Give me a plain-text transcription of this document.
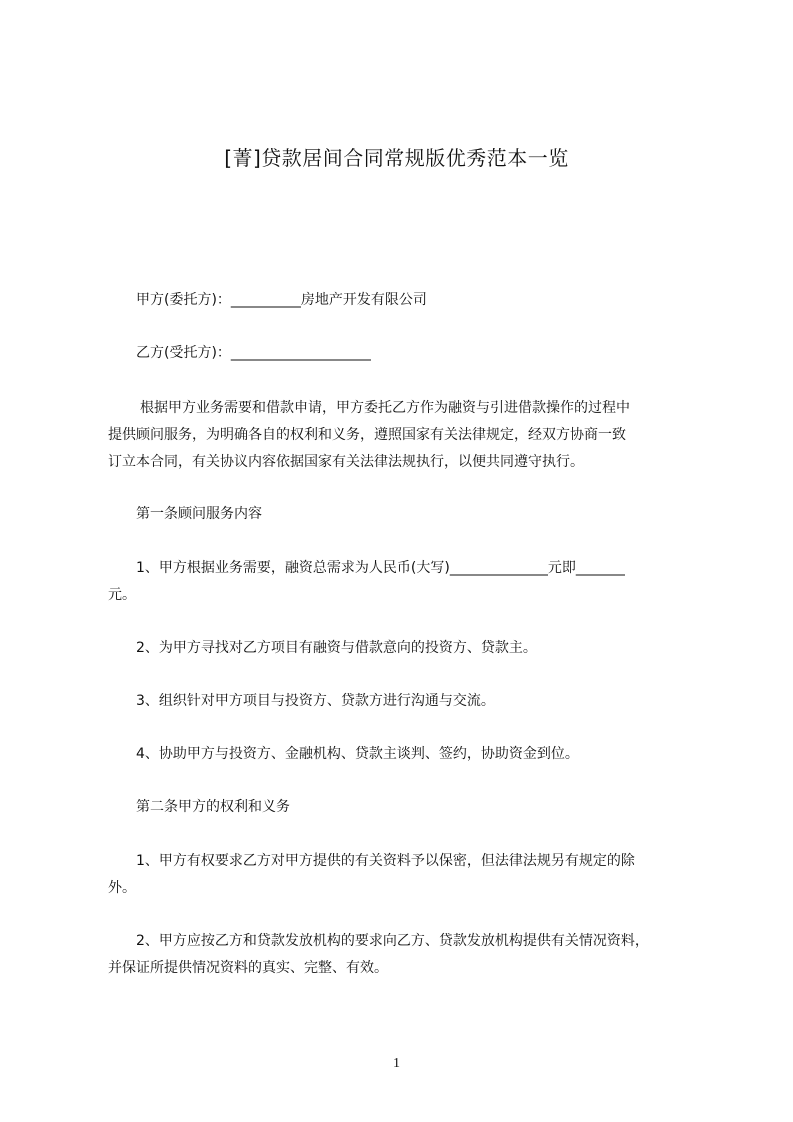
[菁]贷款居间合同常规版优秀范本一览
甲方(委托方)：__________房地产开发有限公司
乙方(受托方)：____________________
根据甲方业务需要和借款申请，甲方委托乙方作为融资与引进借款操作的过程中
提供顾问服务，为明确各自的权利和义务，遵照国家有关法律规定，经双方协商一致
订立本合同，有关协议内容依据国家有关法律法规执行，以便共同遵守执行。
第一条顾问服务内容
1、甲方根据业务需要，融资总需求为人民币(大写)______________元即_______
元。
2、为甲方寻找对乙方项目有融资与借款意向的投资方、贷款主。
3、组织针对甲方项目与投资方、贷款方进行沟通与交流。
4、协助甲方与投资方、金融机构、贷款主谈判、签约，协助资金到位。
第二条甲方的权利和义务
1、甲方有权要求乙方对甲方提供的有关资料予以保密，但法律法规另有规定的除
外。
2、甲方应按乙方和贷款发放机构的要求向乙方、贷款发放机构提供有关情况资料，
并保证所提供情况资料的真实、完整、有效。
1
